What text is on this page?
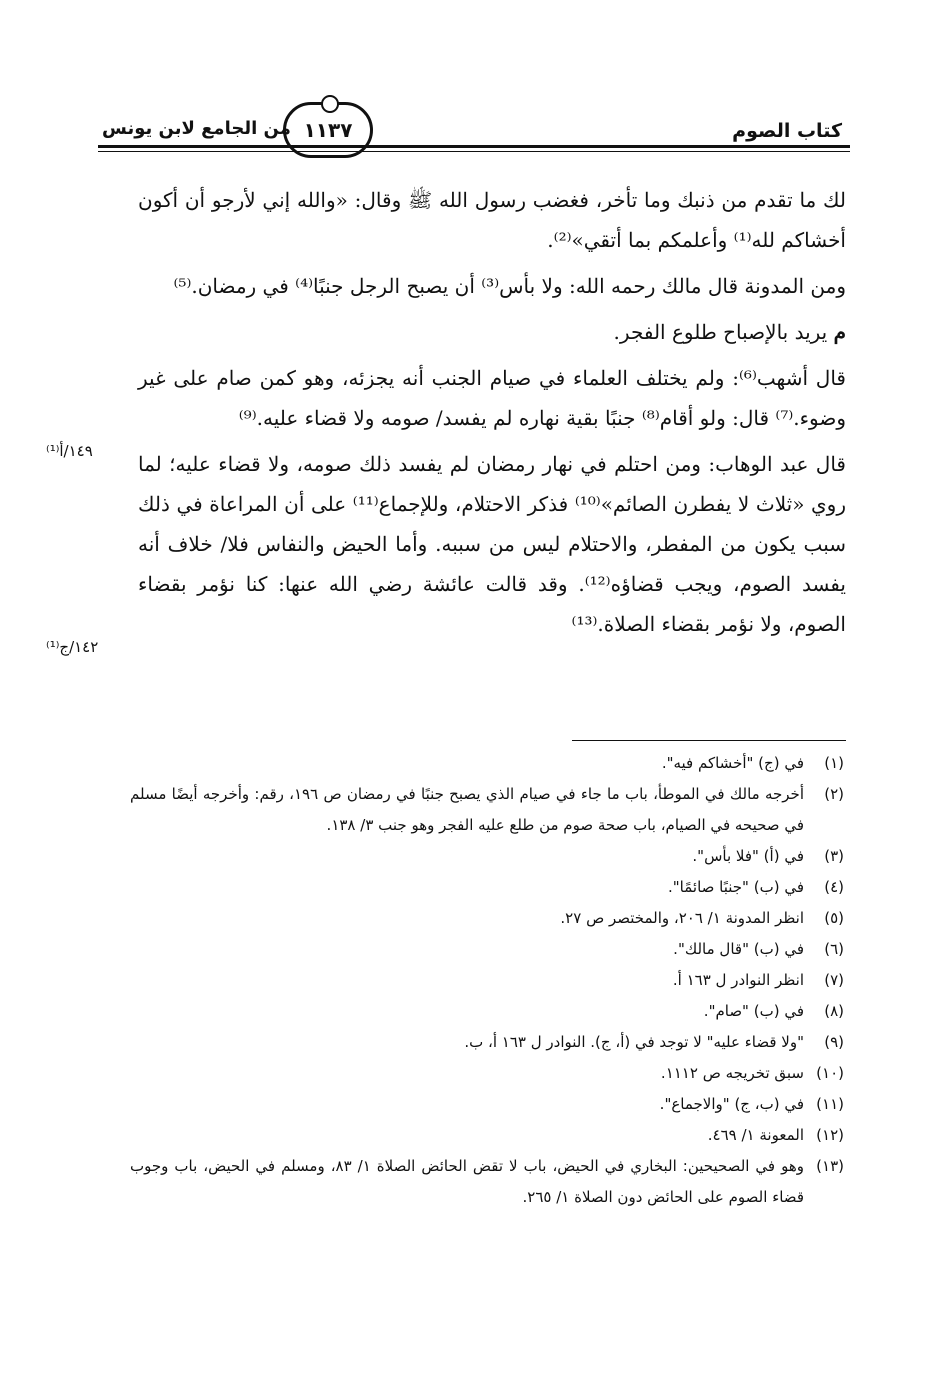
كتاب الصوم
١١٣٧
من الجامع لابن يونس

لك ما تقدم من ذنبك وما تأخر، فغضب رسول الله ﷺ وقال: «والله إني لأرجو أن أكون أخشاكم لله⁽¹⁾ وأعلمكم بما أتقي»⁽²⁾.

ومن المدونة قال مالك رحمه الله: ولا بأس⁽³⁾ أن يصبح الرجل جنبًا⁽⁴⁾ في رمضان.⁽⁵⁾

م يريد بالإصباح طلوع الفجر.

قال أشهب⁽⁶⁾: ولم يختلف العلماء في صيام الجنب أنه يجزئه، وهو كمن صام على غير وضوء.⁽⁷⁾ قال: ولو أقام⁽⁸⁾ جنبًا بقية نهاره لم يفسد/ صومه ولا قضاء عليه.⁽⁹⁾

قال عبد الوهاب: ومن احتلم في نهار رمضان لم يفسد ذلك صومه، ولا قضاء عليه؛ لما روي «ثلاث لا يفطرن الصائم»⁽¹⁰⁾ فذكر الاحتلام، وللإجماع⁽¹¹⁾ على أن المراعاة في ذلك سبب يكون من المفطر، والاحتلام ليس من سببه. وأما الحيض والنفاس فلا/ خلاف أنه يفسد الصوم، ويجب قضاؤه⁽¹²⁾. وقد قالت عائشة رضي الله عنها: كنا نؤمر بقضاء الصوم، ولا نؤمر بقضاء الصلاة.⁽¹³⁾

١٤٩/أ⁽¹⁾
١٤٢/ج⁽¹⁾
(١)
في (ج) "أخشاكم فيه".
(٢)
أخرجه مالك في الموطأ، باب ما جاء في صيام الذي يصبح جنبًا في رمضان ص ١٩٦، رقم: وأخرجه أيضًا مسلم في صحيحه في الصيام، باب صحة صوم من طلع عليه الفجر وهو جنب ٣/ ١٣٨.
(٣)
في (أ) "فلا بأس".
(٤)
في (ب) "جنبًا صائمًا".
(٥)
انظر المدونة ١/ ٢٠٦، والمختصر ص ٢٧.
(٦)
في (ب) "قال مالك".
(٧)
انظر النوادر ل ١٦٣ أ.
(٨)
في (ب) "صام".
(٩)
"ولا قضاء عليه" لا توجد في (أ، ج). النوادر ل ١٦٣ أ، ب.
(١٠)
سبق تخريجه ص ١١١٢.
(١١)
في (ب، ج) "والاجماع".
(١٢)
المعونة ١/ ٤٦٩.
(١٣)
وهو في الصحيحين: البخاري في الحيض، باب لا تقض الحائض الصلاة ١/ ٨٣، ومسلم في الحيض، باب وجوب قضاء الصوم على الحائض دون الصلاة ١/ ٢٦٥.
